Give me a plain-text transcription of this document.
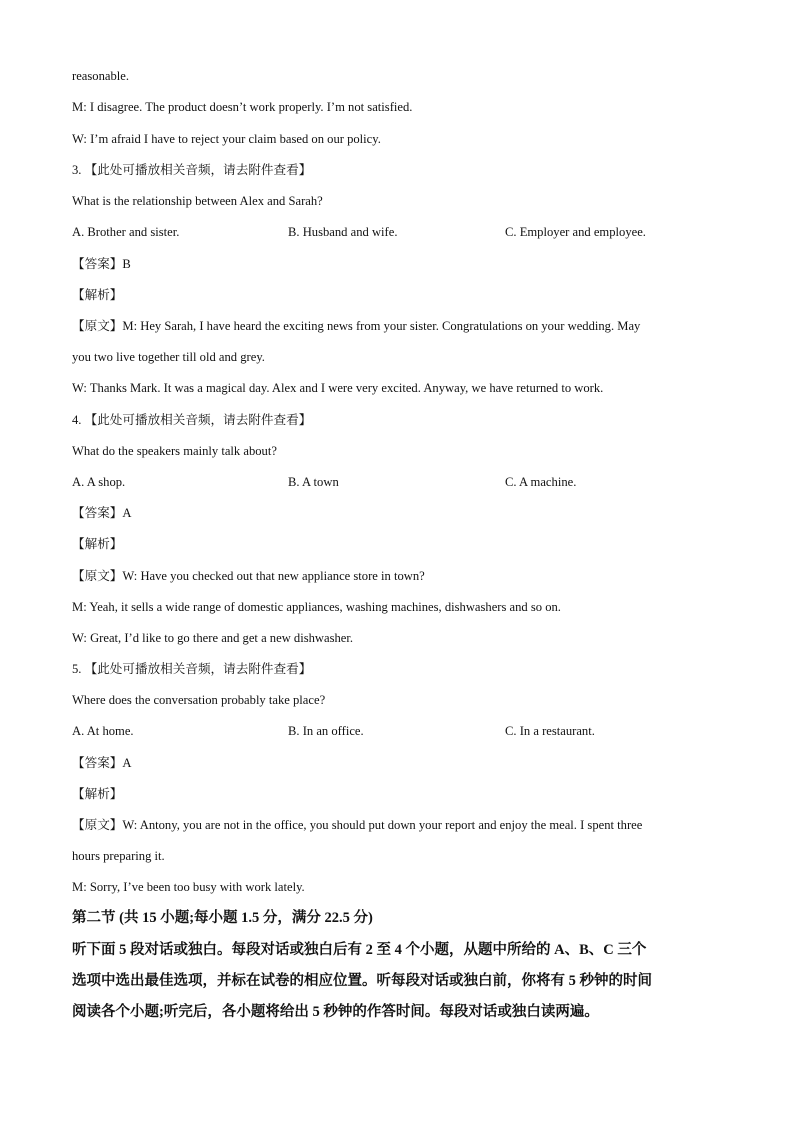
reasonable.
M: I disagree. The product doesn’t work properly. I’m not satisfied.
W: I’m afraid I have to reject your claim based on our policy.
3. 【此处可播放相关音频，请去附件查看】
What is the relationship between Alex and Sarah?
A. Brother and sister.	B. Husband and wife.	C. Employer and employee.
【答案】B
【解析】
【原文】M: Hey Sarah, I have heard the exciting news from your sister. Congratulations on your wedding. May
you two live together till old and grey.
W: Thanks Mark. It was a magical day. Alex and I were very excited. Anyway, we have returned to work.
4. 【此处可播放相关音频，请去附件查看】
What do the speakers mainly talk about?
A. A shop.	B. A town	C. A machine.
【答案】A
【解析】
【原文】W: Have you checked out that new appliance store in town?
M: Yeah, it sells a wide range of domestic appliances, washing machines, dishwashers and so on.
W: Great, I’d like to go there and get a new dishwasher.
5. 【此处可播放相关音频，请去附件查看】
Where does the conversation probably take place?
A. At home.	B. In an office.	C. In a restaurant.
【答案】A
【解析】
【原文】W: Antony, you are not in the office, you should put down your report and enjoy the meal. I spent three
hours preparing it.
M: Sorry, I’ve been too busy with work lately.
第二节 (共 15 小题;每小题 1.5 分，满分 22.5 分)
听下面 5 段对话或独白。每段对话或独白后有 2 至 4 个小题，从题中所给的 A、B、C 三个
选项中选出最佳选项，并标在试卷的相应位置。听每段对话或独白前，你将有 5 秒钟的时间
阅读各个小题;听完后，各小题将给出 5 秒钟的作答时间。每段对话或独白读两遍。
